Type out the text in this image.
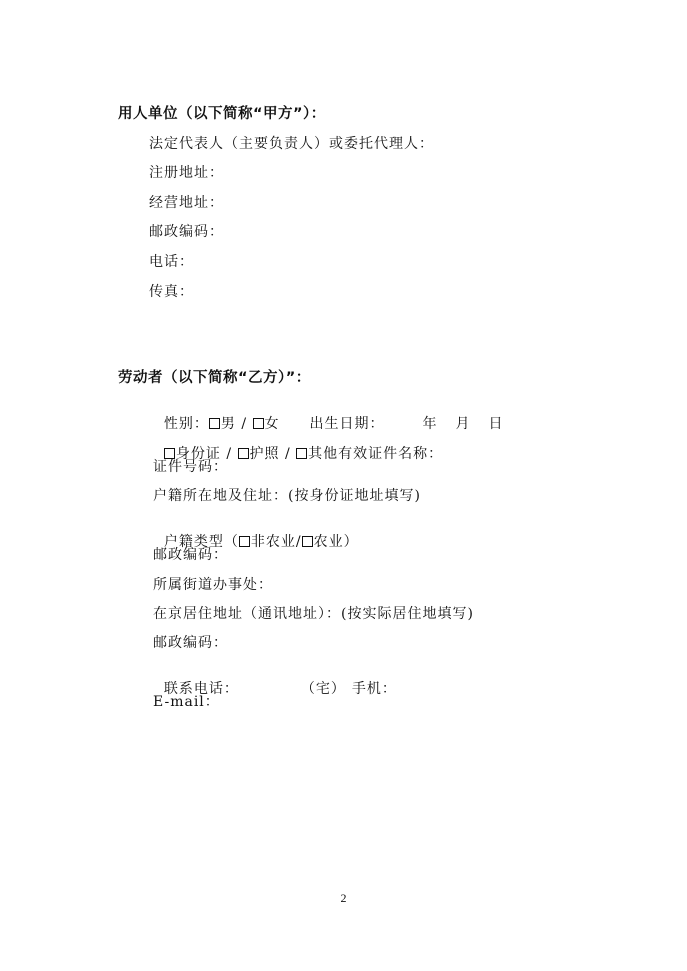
用人单位（以下简称“甲方”）：
法定代表人（主要负责人）或委托代理人：
注册地址：
经营地址：
邮政编码：
电话：
传真：
劳动者（以下简称“乙方）”：

性别： 男 / 女 出生日期：	年 月 日

身份证 / 护照 / 其他有效证件名称：

证件号码：
户籍所在地及住址：(按身份证地址填写)

户籍类型（ 非农业/ 农业）

邮政编码：
所属街道办事处：
在京居住地址（通讯地址）：(按实际居住地填写)
邮政编码：

联系电话：	（宅） 手机：

E-mail：
2
